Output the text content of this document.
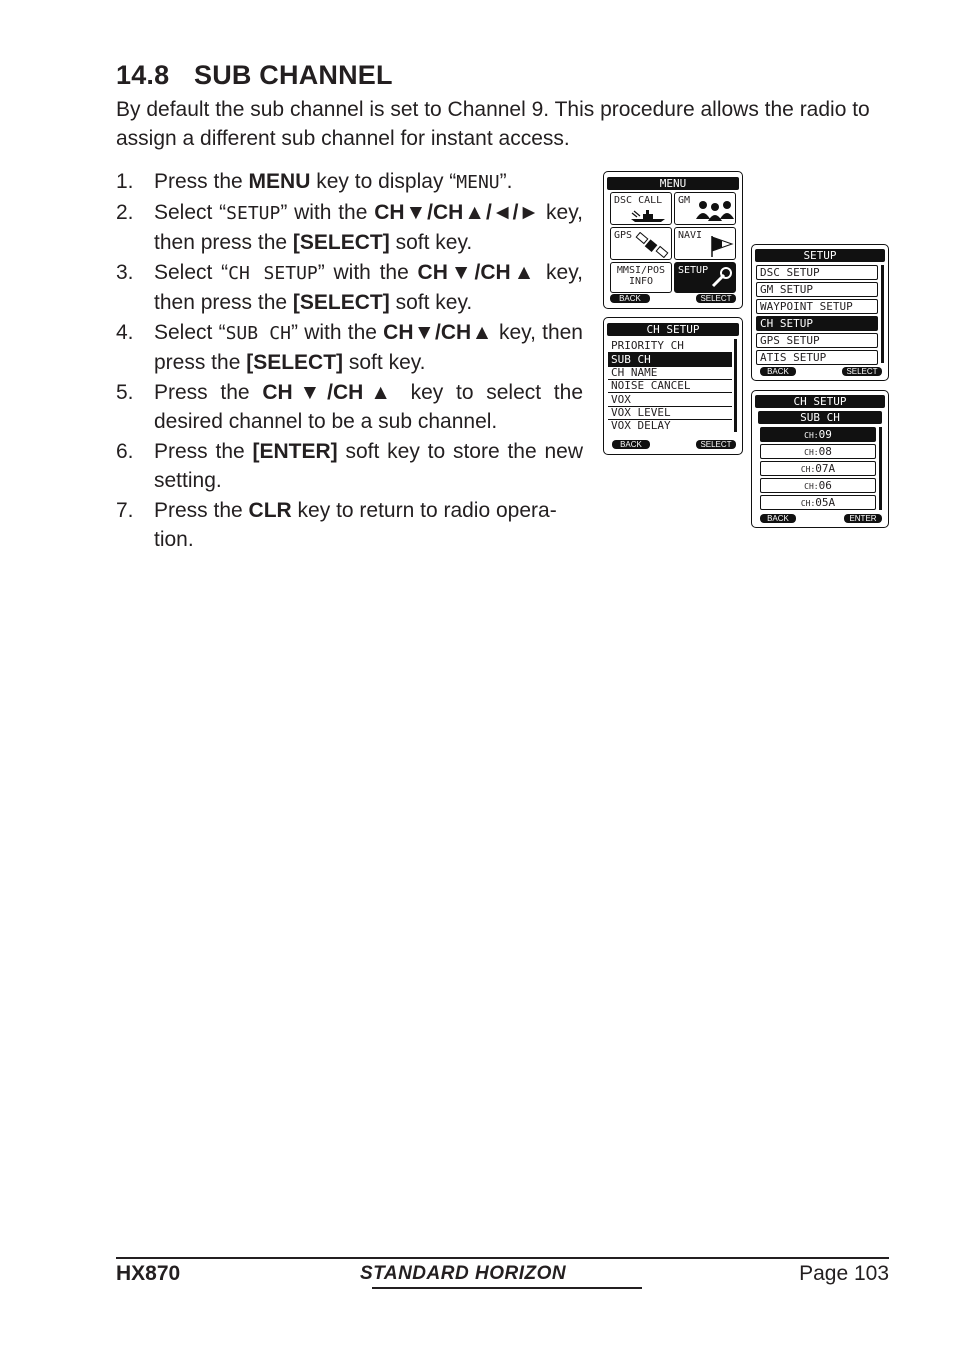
14.8 SUB CHANNEL

By default the sub channel is set to Channel 9. This procedure allows the radio to assign a different sub channel for instant access.

1. Press the MENU key to display “MENU”.
2. Select “SETUP” with the CH▼/CH▲/◄/► key, then press the [SELECT] soft key.
3. Select “CH SETUP” with the CH▼/CH▲ key, then press the [SELECT] soft key.
4. Select “SUB CH” with the CH▼/CH▲ key, then press the [SELECT] soft key.
5. Press the CH▼/CH▲ key to select the desired channel to be a sub channel.
6. Press the [ENTER] soft key to store the new setting.
7. Press the CLR key to return to radio opera-tion.
MENU
DSC CALL	GM
GPS	NAVI
MMSI/POS INFO
SETUP
BACK	SELECT
SETUP
DSC SETUP
GM SETUP
WAYPOINT SETUP
CH SETUP
GPS SETUP
ATIS SETUP
BACK	SELECT
CH SETUP
PRIORITY CH
SUB CH
CH NAME
NOISE CANCEL
VOX
VOX LEVEL
VOX DELAY
BACK	SELECT
CH SETUP
SUB CH
CH:09
CH:08
CH:07A
CH:06
CH:05A
BACK	ENTER
HX870	STANDARD HORIZON	Page 103
